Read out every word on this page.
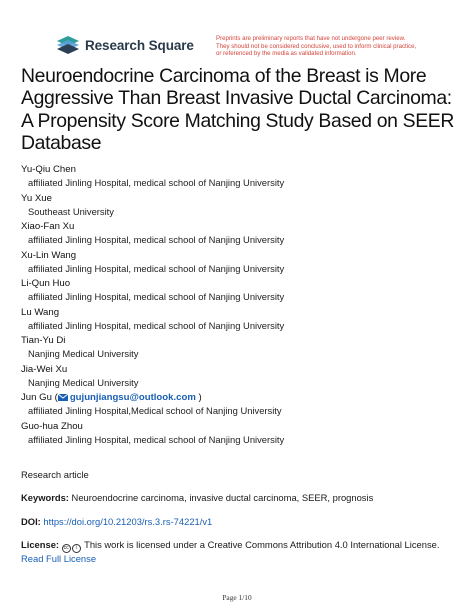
Research Square	Preprints are preliminary reports that have not undergone peer review.
They should not be considered conclusive, used to inform clinical practice,
or referenced by the media as validated information.
Neuroendocrine Carcinoma of the Breast is More Aggressive Than Breast Invasive Ductal Carcinoma: A Propensity Score Matching Study Based on SEER Database
Yu-Qiu Chen
affiliated Jinling Hospital, medical school of Nanjing University
Yu Xue
Southeast University
Xiao-Fan Xu
affiliated Jinling Hospital, medical school of Nanjing University
Xu-Lin Wang
affiliated Jinling Hospital, medical school of Nanjing University
Li-Qun Huo
affiliated Jinling Hospital, medical school of Nanjing University
Lu Wang
affiliated Jinling Hospital, medical school of Nanjing University
Tian-Yu Di
Nanjing Medical University
Jia-Wei Xu
Nanjing Medical University
Jun Gu ( gujunjiangsu@outlook.com )
affiliated Jinling Hospital,Medical school of Nanjing University
Guo-hua Zhou
affiliated Jinling Hospital, medical school of Nanjing University
Research article
Keywords: Neuroendocrine carcinoma, invasive ductal carcinoma, SEER, prognosis
DOI: https://doi.org/10.21203/rs.3.rs-74221/v1
License: cc i This work is licensed under a Creative Commons Attribution 4.0 International License.
Read Full License
Page 1/10
